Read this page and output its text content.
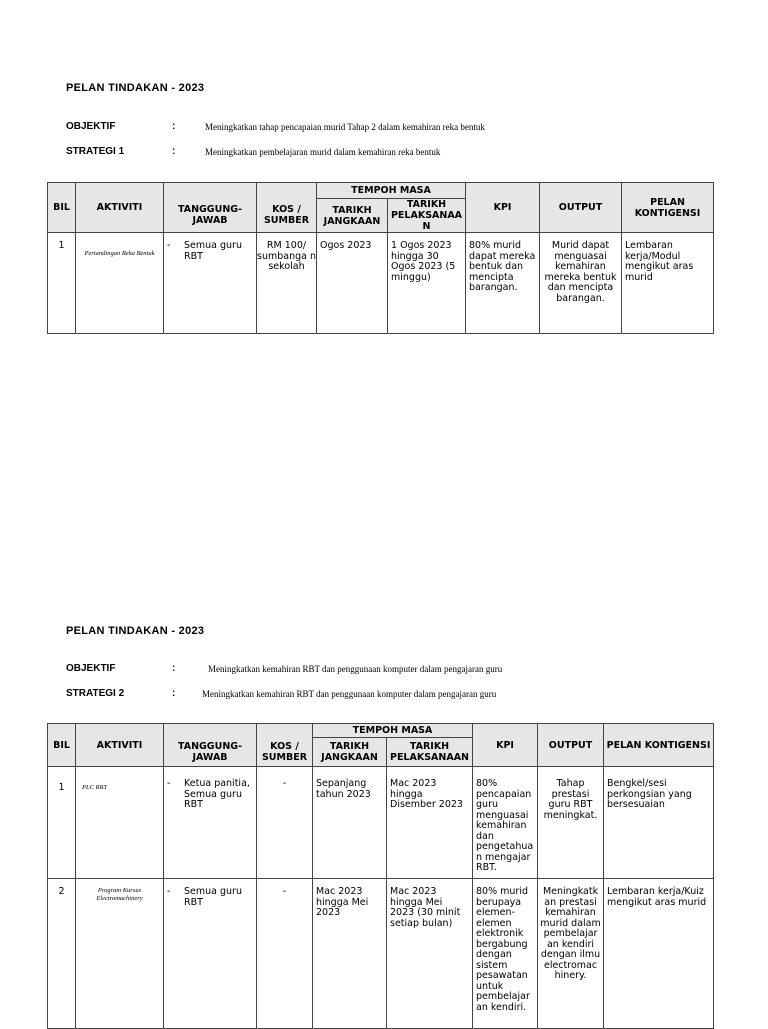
PELAN TINDAKAN - 2023
OBJEKTIF	:	Meningkatkan tahap pencapaian murid Tahap 2 dalam kemahiran reka bentuk
STRATEGI 1	:	Meningkatkan pembelajaran murid dalam kemahiran reka bentuk
BIL	AKTIVITI	TANGGUNG-JAWAB	KOS / SUMBER	TEMPOH MASA		KPI	OUTPUT	PELAN KONTIGENSI
				TARIKH JANGKAAN	TARIKH PELAKSANAA N			
1	Pertandingan Reka Bentuk	- Semua guru RBT	RM 100/ sumbanga n sekolah	Ogos 2023	1 Ogos 2023 hingga 30 Ogos 2023 (5 minggu)	80% murid dapat mereka bentuk dan mencipta barangan.	Murid dapat menguasai kemahiran mereka bentuk dan mencipta barangan.	Lembaran kerja/Modul mengikut aras murid
PELAN TINDAKAN - 2023
OBJEKTIF	:	Meningkatkan kemahiran RBT dan penggunaan komputer dalam pengajaran guru
STRATEGI 2	:	Meningkatkan kemahiran RBT dan penggunaan komputer dalam pengajaran guru
BIL	AKTIVITI	TANGGUNG-JAWAB	KOS / SUMBER	TEMPOH MASA		KPI	OUTPUT	PELAN KONTIGENSI
				TARIKH JANGKAAN	TARIKH PELAKSANAAN			
1	PLC RBT	- Ketua panitia, Semua guru RBT	-	Sepanjang tahun 2023	Mac 2023 hingga Disember 2023	80% pencapaian guru menguasai kemahiran dan pengetahua n mengajar RBT.	Tahap prestasi guru RBT meningkat.	Bengkel/sesi perkongsian yang bersesuaian
2	Program Kursus Electromachinery	- Semua guru RBT	-	Mac 2023 hingga Mei 2023	Mac 2023 hingga Mei 2023 (30 minit setiap bulan)	80% murid berupaya elemen-elemen elektronik bergabung dengan sistem pesawatan untuk pembelajar an kendiri.	Meningkatk an prestasi kemahiran murid dalam pembelajar an kendiri dengan ilmu electromac hinery.	Lembaran kerja/Kuiz mengikut aras murid
